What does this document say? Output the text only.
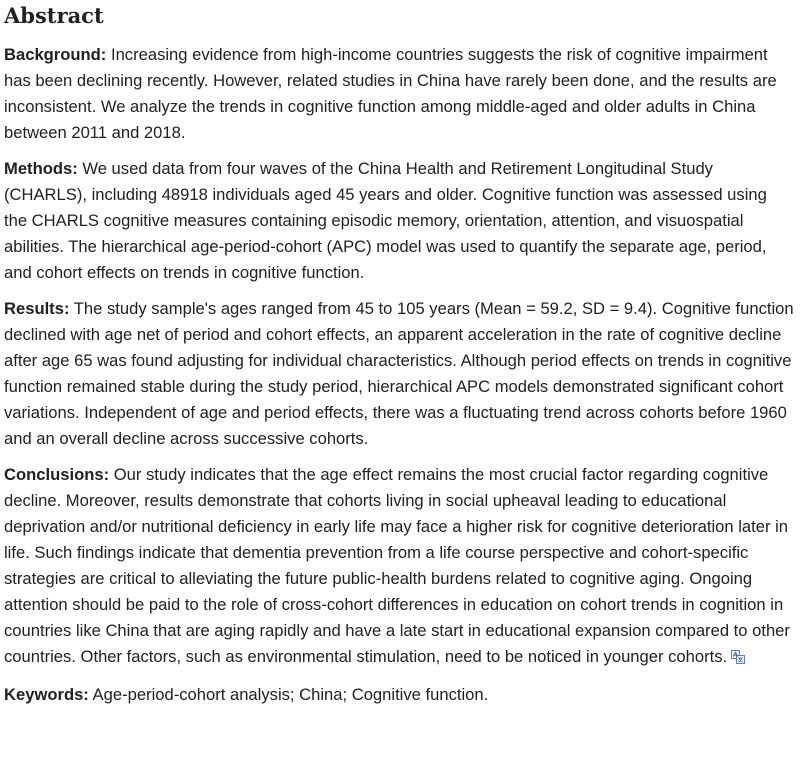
Abstract

Background: Increasing evidence from high-income countries suggests the risk of cognitive impairment has been declining recently. However, related studies in China have rarely been done, and the results are inconsistent. We analyze the trends in cognitive function among middle-aged and older adults in China between 2011 and 2018.

Methods: We used data from four waves of the China Health and Retirement Longitudinal Study (CHARLS), including 48918 individuals aged 45 years and older. Cognitive function was assessed using the CHARLS cognitive measures containing episodic memory, orientation, attention, and visuospatial abilities. The hierarchical age-period-cohort (APC) model was used to quantify the separate age, period, and cohort effects on trends in cognitive function.

Results: The study sample's ages ranged from 45 to 105 years (Mean = 59.2, SD = 9.4). Cognitive function declined with age net of period and cohort effects, an apparent acceleration in the rate of cognitive decline after age 65 was found adjusting for individual characteristics. Although period effects on trends in cognitive function remained stable during the study period, hierarchical APC models demonstrated significant cohort variations. Independent of age and period effects, there was a fluctuating trend across cohorts before 1960 and an overall decline across successive cohorts.

Conclusions: Our study indicates that the age effect remains the most crucial factor regarding cognitive decline. Moreover, results demonstrate that cohorts living in social upheaval leading to educational deprivation and/or nutritional deficiency in early life may face a higher risk for cognitive deterioration later in life. Such findings indicate that dementia prevention from a life course perspective and cohort-specific strategies are critical to alleviating the future public-health burdens related to cognitive aging. Ongoing attention should be paid to the role of cross-cohort differences in education on cohort trends in cognition in countries like China that are aging rapidly and have a late start in educational expansion compared to other countries. Other factors, such as environmental stimulation, need to be noticed in younger cohorts.

Keywords: Age-period-cohort analysis; China; Cognitive function.
